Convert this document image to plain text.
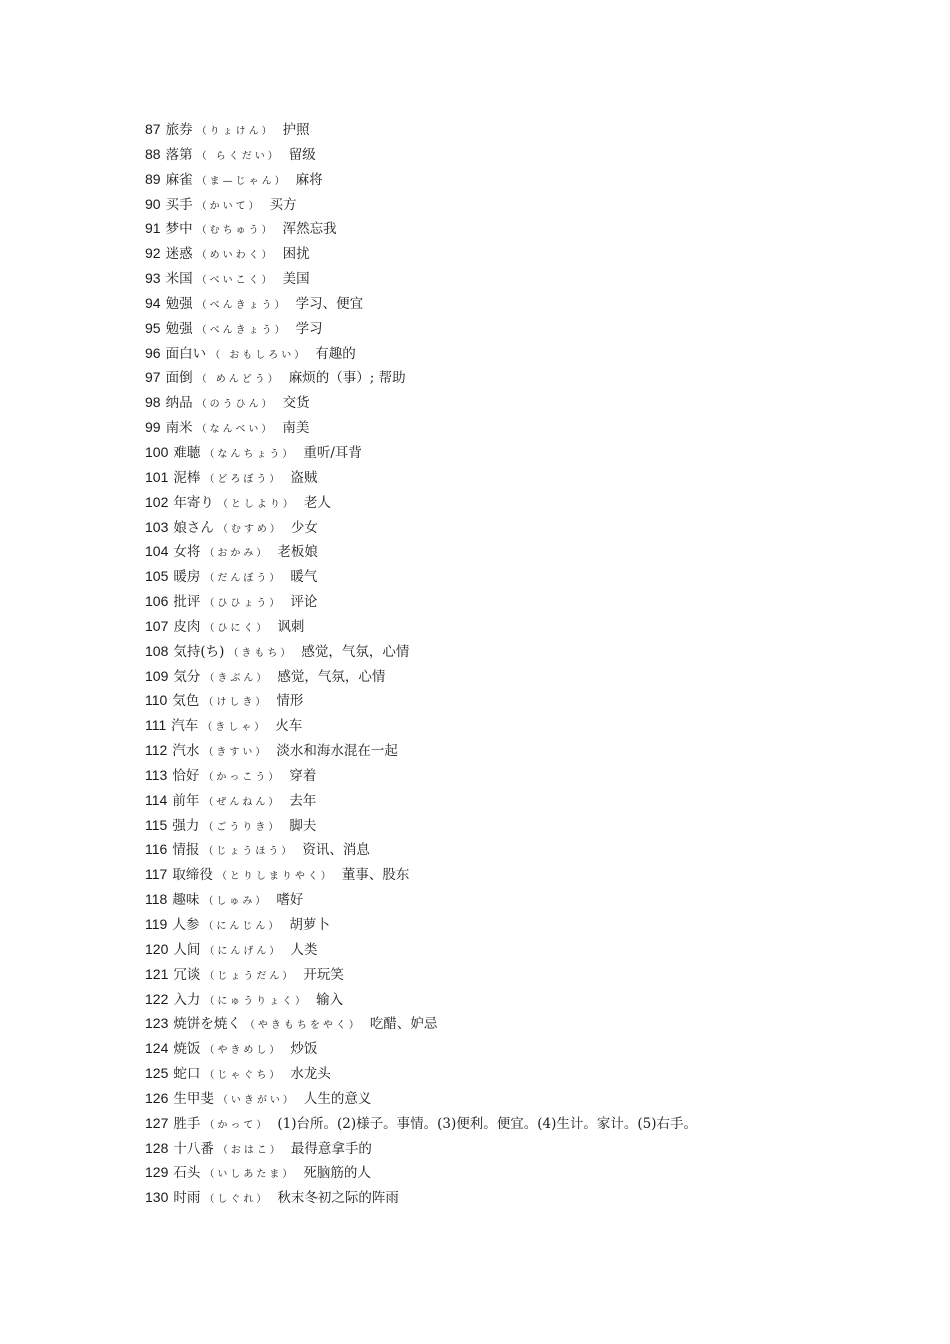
87 旅券 （りょけん） 护照
88 落第 （ らくだい） 留级
89 麻雀 （ま—じゃん） 麻将
90 买手 （かいて） 买方
91 梦中 （むちゅう） 浑然忘我
92 迷惑 （めいわく） 困扰
93 米国 （べいこく） 美国
94 勉强 （べんきょう） 学习、便宜
95 勉强 （べんきょう） 学习
96 面白い （ おもしろい） 有趣的
97 面倒 （ めんどう） 麻烦的（事）; 帮助
98 纳品 （のうひん） 交货
99 南米 （なんべい） 南美
100 难聴 （なんちょう） 重听/耳背
101 泥棒 （どろぼう） 盗贼
102 年寄り （としより） 老人
103 娘さん （むすめ） 少女
104 女将 （おかみ） 老板娘
105 暖房 （だんぼう） 暖气
106 批评 （ひひょう） 评论
107 皮肉 （ひにく） 讽刺
108 気持(ち) （きもち） 感觉，气氛，心情
109 気分 （きぶん） 感觉，气氛，心情
110 気色 （けしき） 情形
111 汽车 （きしゃ） 火车
112 汽水 （きすい） 淡水和海水混在一起
113 恰好 （かっこう） 穿着
114 前年 （ぜんねん） 去年
115 强力 （ごうりき） 脚夫
116 情报 （じょうほう） 资讯、消息
117 取缔役 （とりしまりやく） 董事、股东
118 趣味 （しゅみ） 嗜好
119 人参 （にんじん） 胡萝卜
120 人间 （にんげん） 人类
121 冗谈 （じょうだん） 开玩笑
122 入力 （にゅうりょく） 输入
123 焼饼を焼く （やきもちをやく） 吃醋、妒忌
124 焼饭 （やきめし） 炒饭
125 蛇口 （じゃぐち） 水龙头
126 生甲斐 （いきがい） 人生的意义
127 胜手 （かって） (1)台所。(2)様子。事情。(3)便利。便宜。(4)生计。家计。(5)右手。
128 十八番 （おはこ） 最得意拿手的
129 石头 （いしあたま） 死脑筋的人
130 时雨 （しぐれ） 秋末冬初之际的阵雨
